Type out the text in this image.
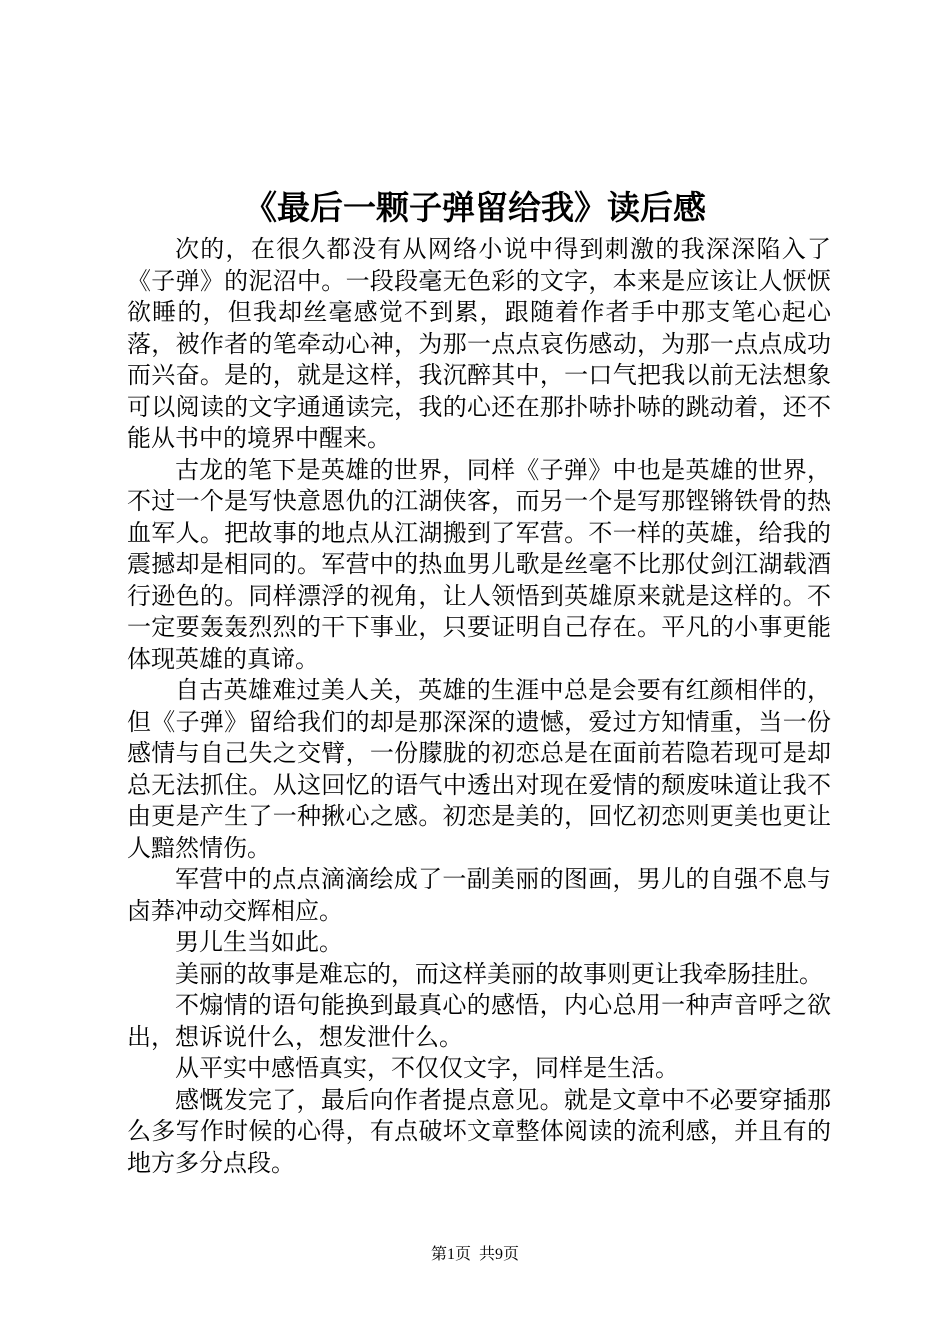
《最后一颗子弹留给我》读后感

次的，在很久都没有从网络小说中得到刺激的我深深陷入了《子弹》的泥沼中。一段段毫无色彩的文字，本来是应该让人恹恹欲睡的，但我却丝毫感觉不到累，跟随着作者手中那支笔心起心落，被作者的笔牵动心神，为那一点点哀伤感动，为那一点点成功而兴奋。是的，就是这样，我沉醉其中，一口气把我以前无法想象可以阅读的文字通通读完，我的心还在那扑哧扑哧的跳动着，还不能从书中的境界中醒来。

古龙的笔下是英雄的世界，同样《子弹》中也是英雄的世界，不过一个是写快意恩仇的江湖侠客，而另一个是写那铿锵铁骨的热血军人。把故事的地点从江湖搬到了军营。不一样的英雄，给我的震撼却是相同的。军营中的热血男儿歌是丝毫不比那仗剑江湖载酒行逊色的。同样漂浮的视角，让人领悟到英雄原来就是这样的。不一定要轰轰烈烈的干下事业，只要证明自己存在。平凡的小事更能体现英雄的真谛。

自古英雄难过美人关，英雄的生涯中总是会要有红颜相伴的，但《子弹》留给我们的却是那深深的遗憾，爱过方知情重，当一份感情与自己失之交臂，一份朦胧的初恋总是在面前若隐若现可是却总无法抓住。从这回忆的语气中透出对现在爱情的颓废味道让我不由更是产生了一种揪心之感。初恋是美的，回忆初恋则更美也更让人黯然情伤。

军营中的点点滴滴绘成了一副美丽的图画，男儿的自强不息与卤莽冲动交辉相应。

男儿生当如此。

美丽的故事是难忘的，而这样美丽的故事则更让我牵肠挂肚。

不煽情的语句能换到最真心的感悟，内心总用一种声音呼之欲出，想诉说什么，想发泄什么。

从平实中感悟真实，不仅仅文字，同样是生活。

感慨发完了，最后向作者提点意见。就是文章中不必要穿插那么多写作时候的心得，有点破坏文章整体阅读的流利感，并且有的地方多分点段。

第1页 共9页
